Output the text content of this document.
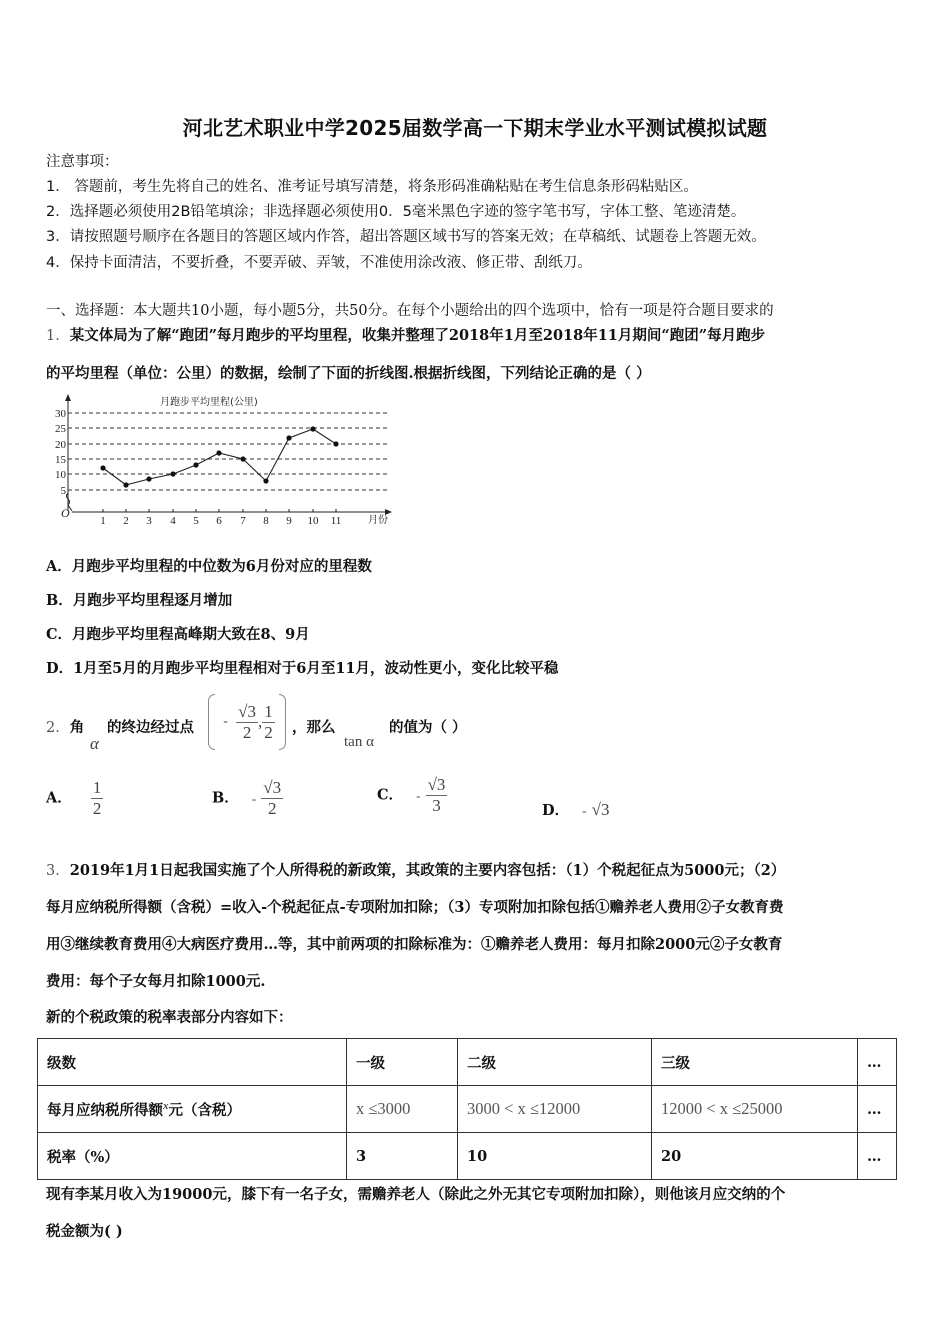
河北艺术职业中学2025届数学高一下期末学业水平测试模拟试题
注意事项：
1． 答题前，考生先将自己的姓名、准考证号填写清楚，将条形码准确粘贴在考生信息条形码粘贴区。
2．选择题必须使用2B铅笔填涂；非选择题必须使用0．5毫米黑色字迹的签字笔书写，字体工整、笔迹清楚。
3．请按照题号顺序在各题目的答题区域内作答，超出答题区域书写的答案无效；在草稿纸、试题卷上答题无效。
4．保持卡面清洁，不要折叠，不要弄破、弄皱，不准使用涂改液、修正带、刮纸刀。
一、选择题：本大题共10小题，每小题5分，共50分。在每个小题给出的四个选项中，恰有一项是符合题目要求的
1．某文体局为了解“跑团”每月跑步的平均里程，收集并整理了2018年1月至2018年11月期间“跑团”每月跑步
的平均里程（单位：公里）的数据，绘制了下面的折线图.根据折线图，下列结论正确的是（ ）
30
25
20
15
10
5
O
月跑步平均里程(公里)
1 2 3 4 5 6 7 8 9 10 11	月份
A．月跑步平均里程的中位数为6月份对应的里程数
B．月跑步平均里程逐月增加
C．月跑步平均里程高峰期大致在8、9月
D．1月至5月的月跑步平均里程相对于6月至11月，波动性更小，变化比较平稳
2．角
α
的终边经过点	- $\frac{√3}{2}$ , $\frac{1}{2}$
，那么
tan α
的值为（ ）
A． $\frac{1}{2}$	B． - $\frac{√3}{2}$	C． - $\frac{√3}{3}$	D． - √3
3．2019年1月1日起我国实施了个人所得税的新政策，其政策的主要内容包括：（1）个税起征点为5000元；（2）
每月应纳税所得额（含税）=收入-个税起征点-专项附加扣除；（3）专项附加扣除包括①赡养老人费用②子女教育费
用③继续教育费用④大病医疗费用…等，其中前两项的扣除标准为：①赡养老人费用：每月扣除2000元②子女教育
费用：每个子女每月扣除1000元.
新的个税政策的税率表部分内容如下：
级数	一级	二级	三级	…
每月应纳税所得额$^x$元（含税）	x ≤3000	3000 < x ≤12000	12000 < x ≤25000	…
税率（%）	3	10	20	…
现有李某月收入为19000元，膝下有一名子女，需赡养老人（除此之外无其它专项附加扣除），则他该月应交纳的个
税金额为( )
